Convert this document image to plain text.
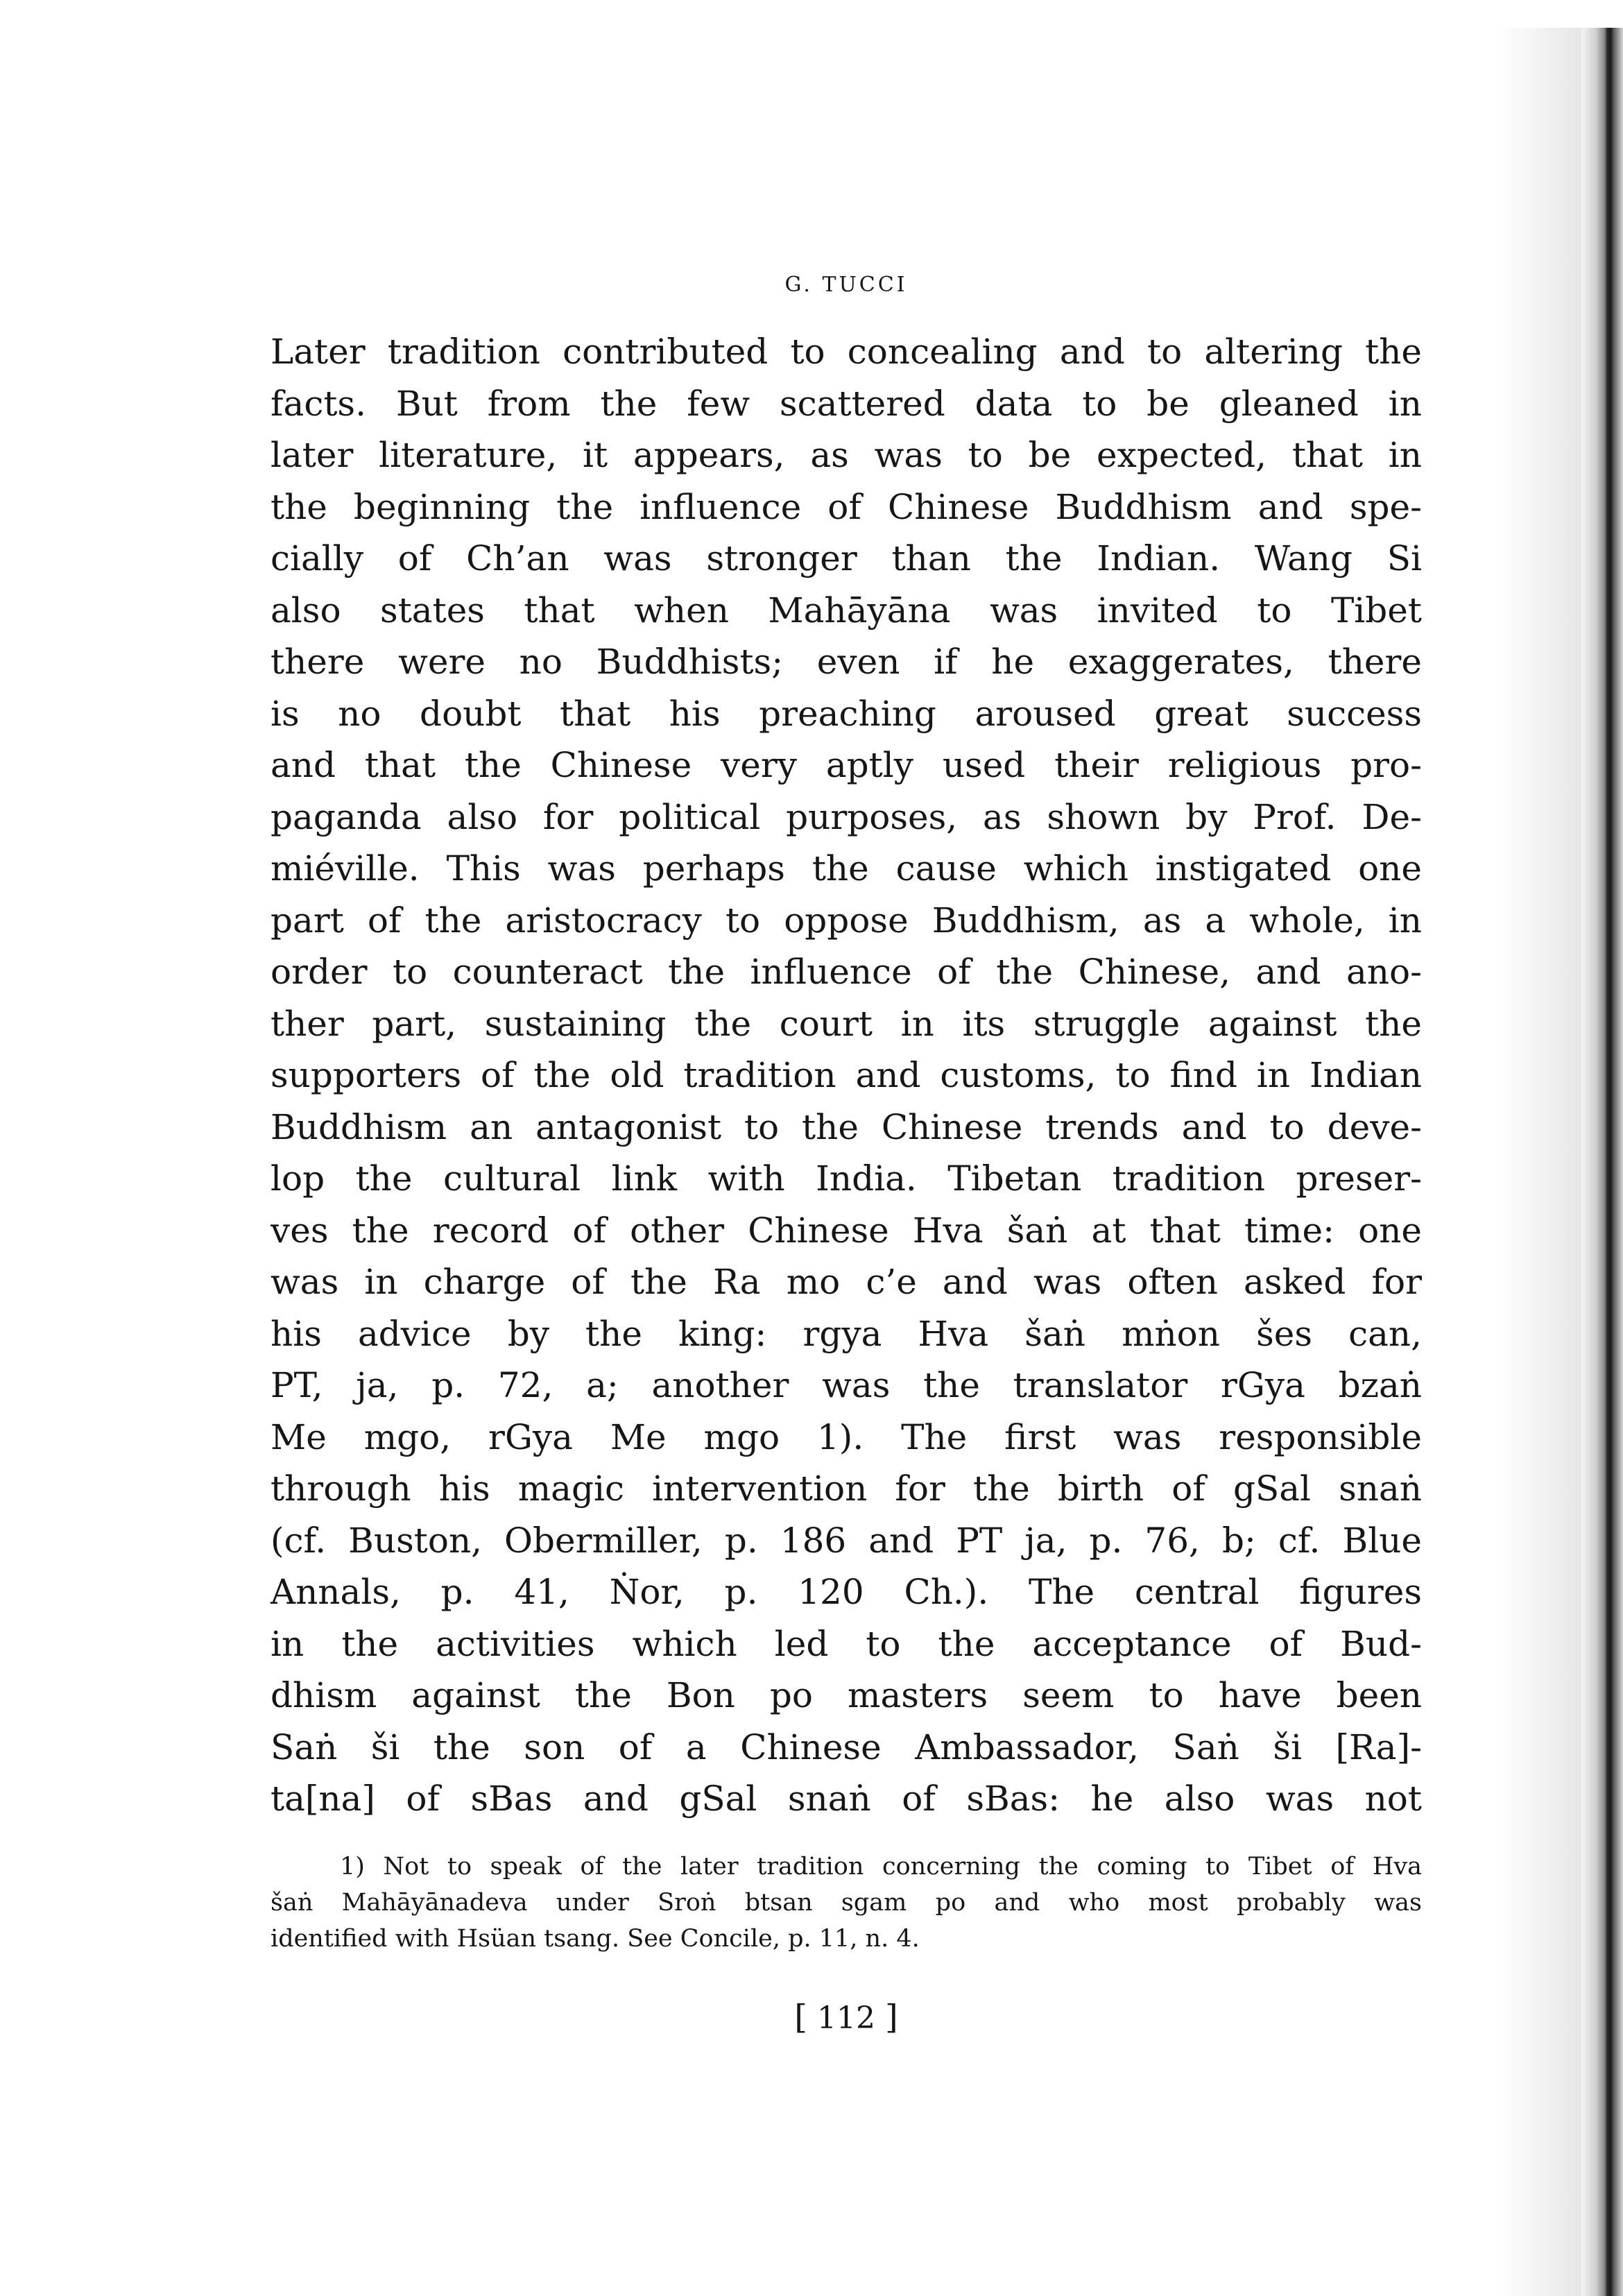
G. TUCCI
Later tradition contributed to concealing and to altering the
facts. But from the few scattered data to be gleaned in
later literature, it appears, as was to be expected, that in
the beginning the influence of Chinese Buddhism and spe-
cially of Ch’an was stronger than the Indian. Wang Si
also states that when Mahāyāna was invited to Tibet
there were no Buddhists; even if he exaggerates, there
is no doubt that his preaching aroused great success
and that the Chinese very aptly used their religious pro-
paganda also for political purposes, as shown by Prof. De-
miéville. This was perhaps the cause which instigated one
part of the aristocracy to oppose Buddhism, as a whole, in
order to counteract the influence of the Chinese, and ano-
ther part, sustaining the court in its struggle against the
supporters of the old tradition and customs, to find in Indian
Buddhism an antagonist to the Chinese trends and to deve-
lop the cultural link with India. Tibetan tradition preser-
ves the record of other Chinese Hva šaṅ at that time: one
was in charge of the Ra mo c’e and was often asked for
his advice by the king: rgya Hva šaṅ mṅon šes can,
PT, ja, p. 72, a; another was the translator rGya bzaṅ
Me mgo, rGya Me mgo 1). The first was responsible
through his magic intervention for the birth of gSal snaṅ
(cf. Buston, Obermiller, p. 186 and PT ja, p. 76, b; cf. Blue
Annals, p. 41, Ṅor, p. 120 Ch.). The central figures
in the activities which led to the acceptance of Bud-
dhism against the Bon po masters seem to have been
Saṅ ši the son of a Chinese Ambassador, Saṅ ši [Ra]-
ta[na] of sBas and gSal snaṅ of sBas: he also was not
1) Not to speak of the later tradition concerning the coming to Tibet of Hva
šaṅ Mahāyānadeva under Sroṅ btsan sgam po and who most probably was
identified with Hsüan tsang. See Concile, p. 11, n. 4.
[ 112 ]
